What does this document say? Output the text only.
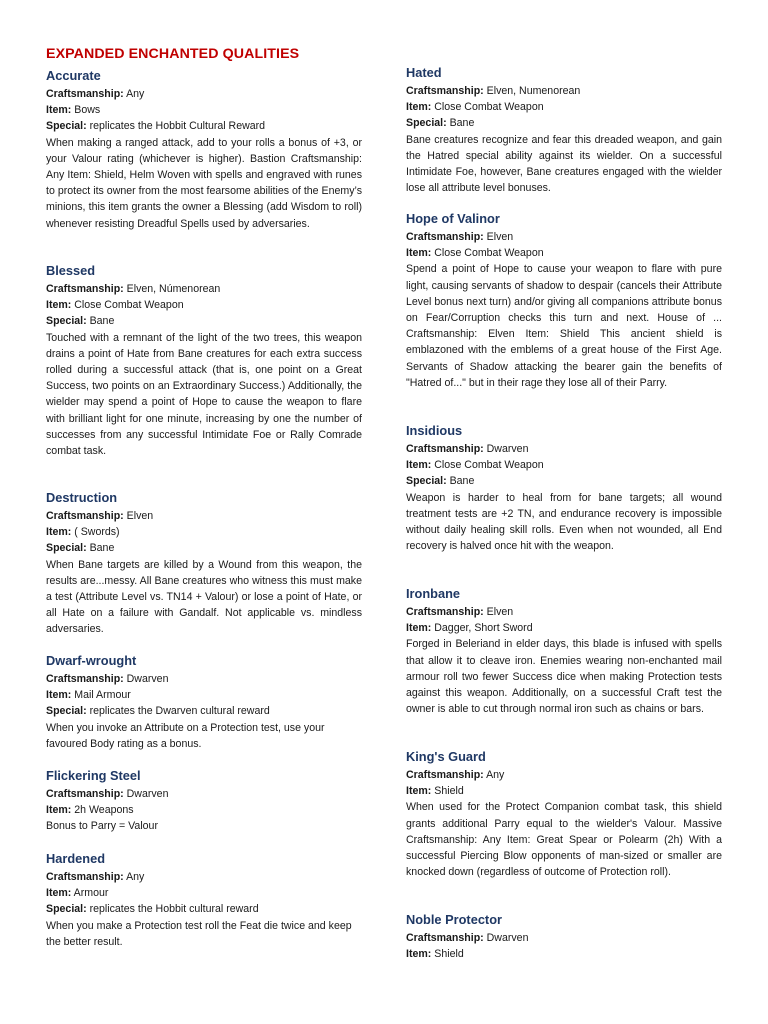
EXPANDED ENCHANTED QUALITIES
Accurate

Craftsmanship: Any

Item: Bows

Special: replicates the Hobbit Cultural Reward

When making a ranged attack, add to your rolls a bonus of +3, or your Valour rating (whichever is higher). Bastion Craftsmanship: Any Item: Shield, Helm Woven with spells and engraved with runes to protect its owner from the most fearsome abilities of the Enemy’s minions, this item grants the owner a Blessing (add Wisdom to roll) whenever resisting Dreadful Spells used by adversaries.

Blessed

Craftsmanship: Elven, Númenorean

Item: Close Combat Weapon

Special: Bane

Touched with a remnant of the light of the two trees, this weapon drains a point of Hate from Bane creatures for each extra success rolled during a successful attack (that is, one point on a Great Success, two points on an Extraordinary Success.) Additionally, the wielder may spend a point of Hope to cause the weapon to flare with brilliant light for one minute, increasing by one the number of successes from any successful Intimidate Foe or Rally Comrade combat task.

Destruction

Craftsmanship: Elven

Item: ( Swords)

Special: Bane

When Bane targets are killed by a Wound from this weapon, the results are...messy. All Bane creatures who witness this must make a test (Attribute Level vs. TN14 + Valour) or lose a point of Hate, or all Hate on a failure with Gandalf. Not applicable vs. mindless adversaries.

Dwarf-wrought

Craftsmanship: Dwarven

Item: Mail Armour

Special: replicates the Dwarven cultural reward

When you invoke an Attribute on a Protection test, use your favoured Body rating as a bonus.

Flickering Steel

Craftsmanship: Dwarven

Item: 2h Weapons

Bonus to Parry = Valour

Hardened

Craftsmanship: Any

Item: Armour

Special: replicates the Hobbit cultural reward

When you make a Protection test roll the Feat die twice and keep the better result.

Hated

Craftsmanship: Elven, Numenorean

Item: Close Combat Weapon

Special: Bane

Bane creatures recognize and fear this dreaded weapon, and gain the Hatred special ability against its wielder. On a successful Intimidate Foe, however, Bane creatures engaged with the wielder lose all attribute level bonuses.

Hope of Valinor

Craftsmanship: Elven

Item: Close Combat Weapon

Spend a point of Hope to cause your weapon to flare with pure light, causing servants of shadow to despair (cancels their Attribute Level bonus next turn) and/or giving all companions attribute bonus on Fear/Corruption checks this turn and next. House of ... Craftsmanship: Elven Item: Shield This ancient shield is emblazoned with the emblems of a great house of the First Age. Servants of Shadow attacking the bearer gain the benefits of "Hatred of..." but in their rage they lose all of their Parry.

Insidious

Craftsmanship: Dwarven

Item: Close Combat Weapon

Special: Bane

Weapon is harder to heal from for bane targets; all wound treatment tests are +2 TN, and endurance recovery is impossible without daily healing skill rolls. Even when not wounded, all End recovery is halved once hit with the weapon.

Ironbane

Craftsmanship: Elven

Item: Dagger, Short Sword

Forged in Beleriand in elder days, this blade is infused with spells that allow it to cleave iron. Enemies wearing non-enchanted mail armour roll two fewer Success dice when making Protection tests against this weapon. Additionally, on a successful Craft test the owner is able to cut through normal iron such as chains or bars.

King's Guard

Craftsmanship: Any

Item: Shield

When used for the Protect Companion combat task, this shield grants additional Parry equal to the wielder's Valour. Massive Craftsmanship: Any Item: Great Spear or Polearm (2h) With a successful Piercing Blow opponents of man-sized or smaller are knocked down (regardless of outcome of Protection roll).

Noble Protector

Craftsmanship: Dwarven

Item: Shield
